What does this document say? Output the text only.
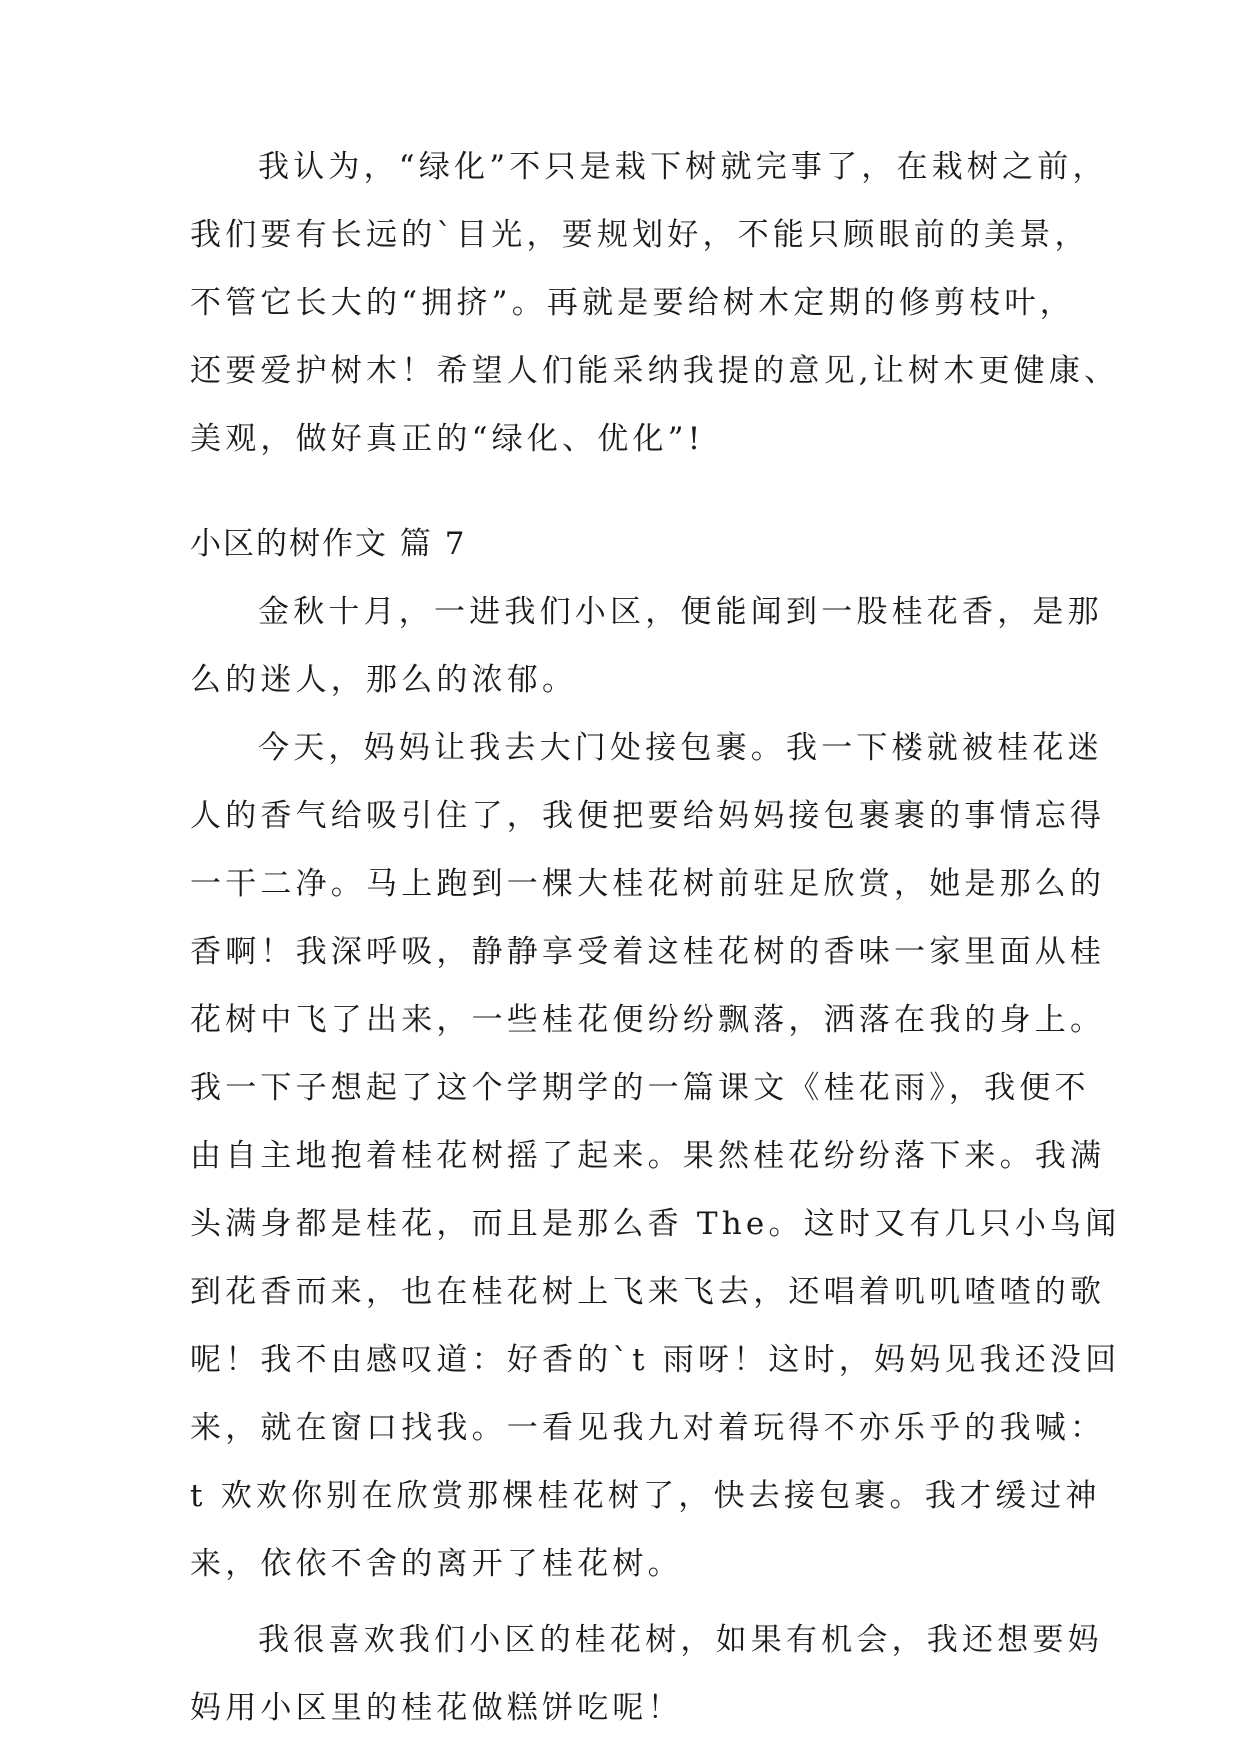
我认为，“绿化”不只是栽下树就完事了，在栽树之前，
我们要有长远的`目光，要规划好，不能只顾眼前的美景，
不管它长大的“拥挤”。再就是要给树木定期的修剪枝叶，
还要爱护树木！希望人们能采纳我提的意见,让树木更健康、
美观，做好真正的“绿化、优化”!
小区的树作文 篇 7
金秋十月，一进我们小区，便能闻到一股桂花香，是那
么的迷人，那么的浓郁。
今天，妈妈让我去大门处接包裹。我一下楼就被桂花迷
人的香气给吸引住了，我便把要给妈妈接包裹裹的事情忘得
一干二净。马上跑到一棵大桂花树前驻足欣赏，她是那么的
香啊！我深呼吸，静静享受着这桂花树的香味一家里面从桂
花树中飞了出来，一些桂花便纷纷飘落，洒落在我的身上。
我一下子想起了这个学期学的一篇课文《桂花雨》，我便不
由自主地抱着桂花树摇了起来。果然桂花纷纷落下来。我满
头满身都是桂花，而且是那么香 The。这时又有几只小鸟闻
到花香而来，也在桂花树上飞来飞去，还唱着叽叽喳喳的歌
呢！我不由感叹道：好香的`t 雨呀！这时，妈妈见我还没回
来，就在窗口找我。一看见我九对着玩得不亦乐乎的我喊：
t 欢欢你别在欣赏那棵桂花树了，快去接包裹。我才缓过神
来，依依不舍的离开了桂花树。
我很喜欢我们小区的桂花树，如果有机会，我还想要妈
妈用小区里的桂花做糕饼吃呢！
